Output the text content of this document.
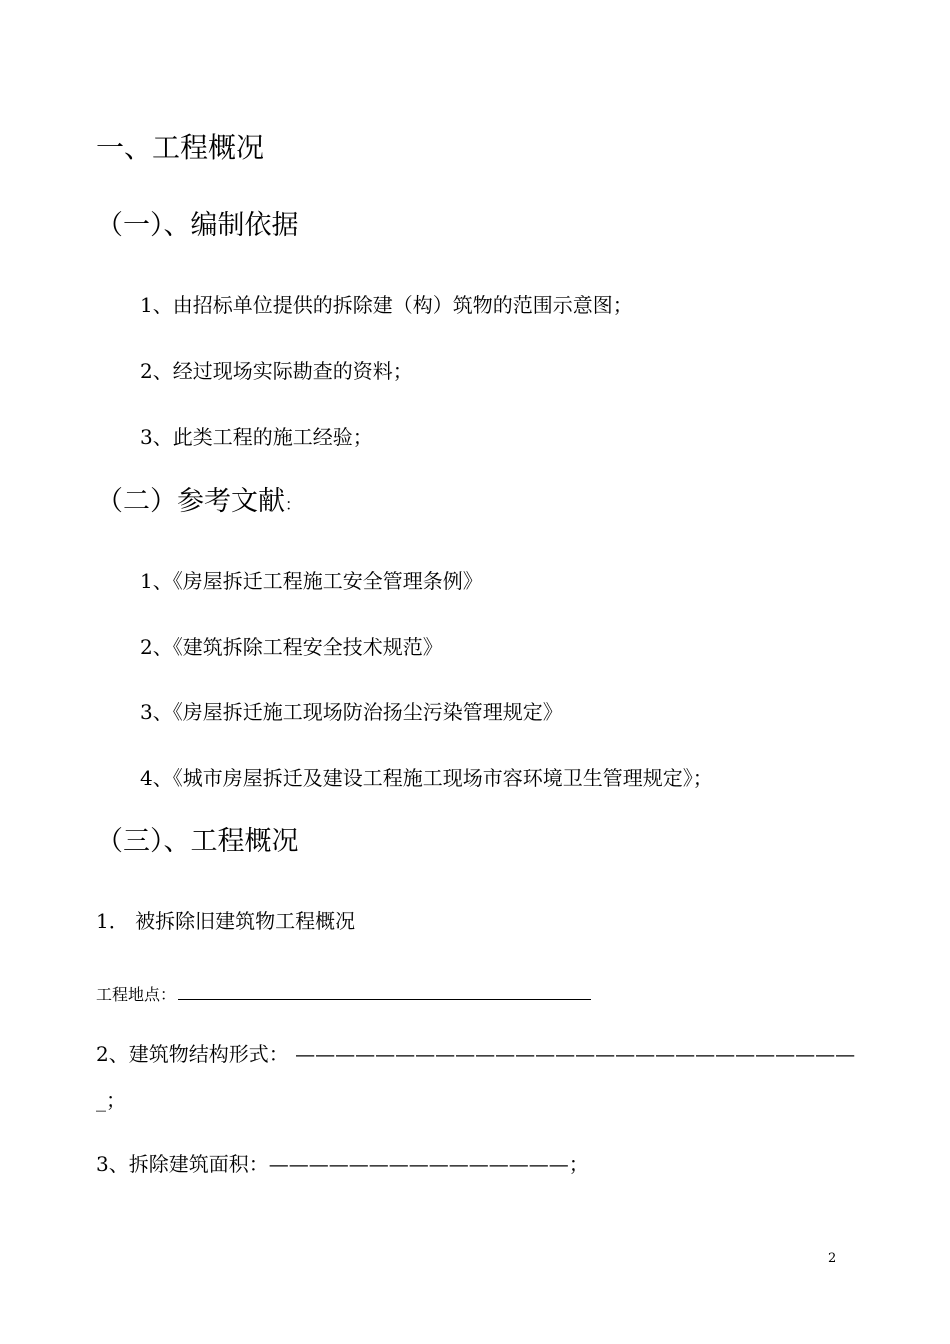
一、工程概况
（一）、编制依据
1、由招标单位提供的拆除建（构）筑物的范围示意图；
2、经过现场实际勘查的资料；
3、此类工程的施工经验；
（二）参考文献：
1、《房屋拆迁工程施工安全管理条例》
2、《建筑拆除工程安全技术规范》
3、《房屋拆迁施工现场防治扬尘污染管理规定》
4、《城市房屋拆迁及建设工程施工现场市容环境卫生管理规定》；
（三）、工程概况
1． 被拆除旧建筑物工程概况
工程地点：
2、建筑物结构形式： ————————————————————————————
_；
3、拆除建筑面积：———————————————；
2
